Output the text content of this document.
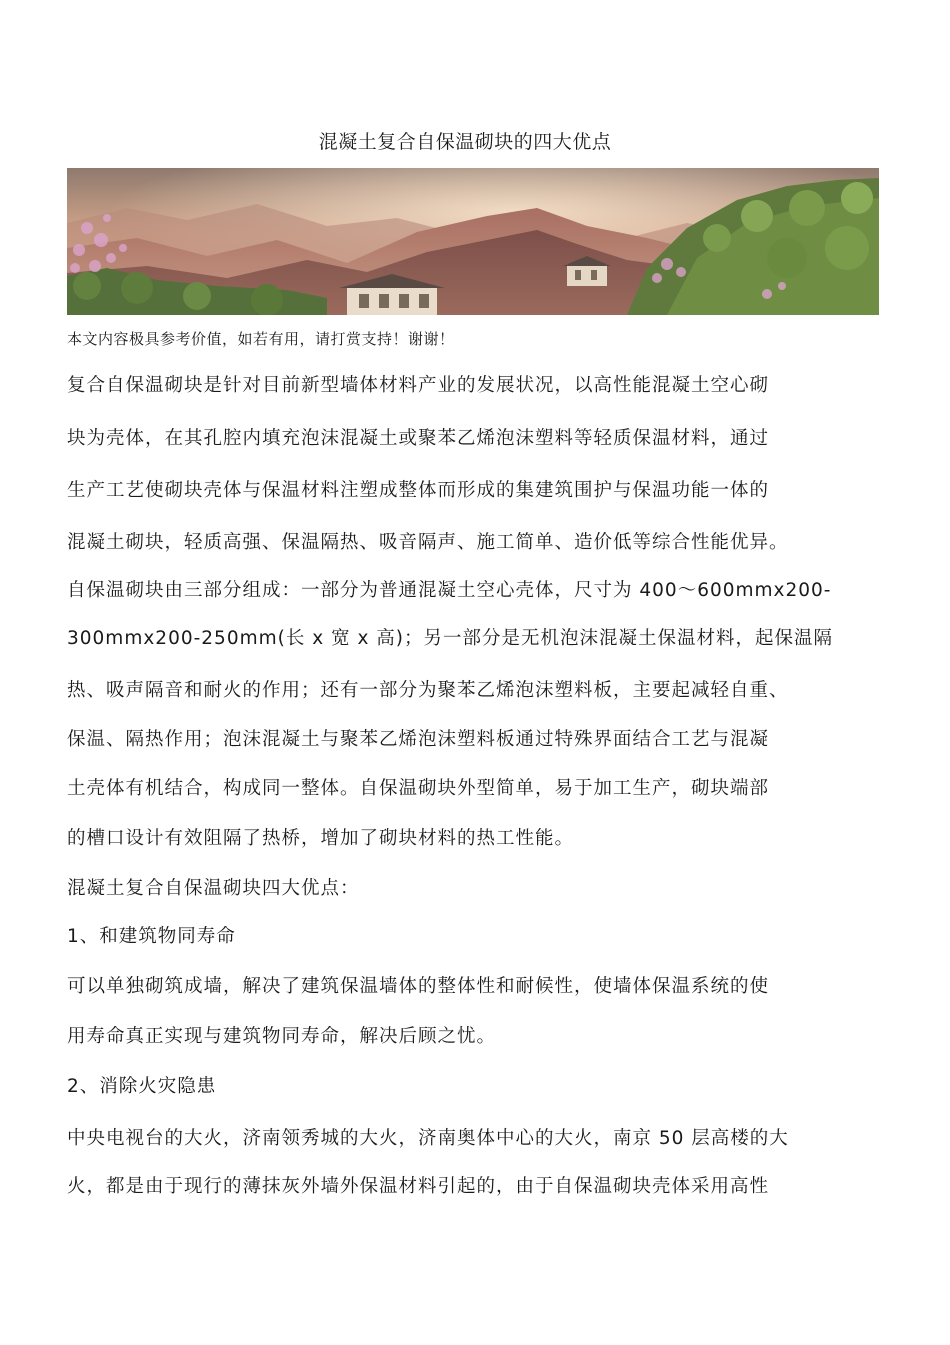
混凝土复合自保温砌块的四大优点
本文内容极具参考价值，如若有用，请打赏支持！谢谢！
复合自保温砌块是针对目前新型墙体材料产业的发展状况，以高性能混凝土空心砌
块为壳体，在其孔腔内填充泡沫混凝土或聚苯乙烯泡沫塑料等轻质保温材料，通过
生产工艺使砌块壳体与保温材料注塑成整体而形成的集建筑围护与保温功能一体的
混凝土砌块，轻质高强、保温隔热、吸音隔声、施工简单、造价低等综合性能优异。
自保温砌块由三部分组成：一部分为普通混凝土空心壳体，尺寸为 400～600mmx200-
300mmx200-250mm(长 x 宽 x 高)；另一部分是无机泡沫混凝土保温材料，起保温隔
热、吸声隔音和耐火的作用；还有一部分为聚苯乙烯泡沫塑料板，主要起减轻自重、
保温、隔热作用；泡沫混凝土与聚苯乙烯泡沫塑料板通过特殊界面结合工艺与混凝
土壳体有机结合，构成同一整体。自保温砌块外型简单，易于加工生产，砌块端部
的槽口设计有效阻隔了热桥，增加了砌块材料的热工性能。
混凝土复合自保温砌块四大优点：
1、和建筑物同寿命
可以单独砌筑成墙，解决了建筑保温墙体的整体性和耐候性，使墙体保温系统的使
用寿命真正实现与建筑物同寿命，解决后顾之忧。
2、消除火灾隐患
中央电视台的大火，济南领秀城的大火，济南奥体中心的大火，南京 50 层高楼的大
火，都是由于现行的薄抹灰外墙外保温材料引起的，由于自保温砌块壳体采用高性
